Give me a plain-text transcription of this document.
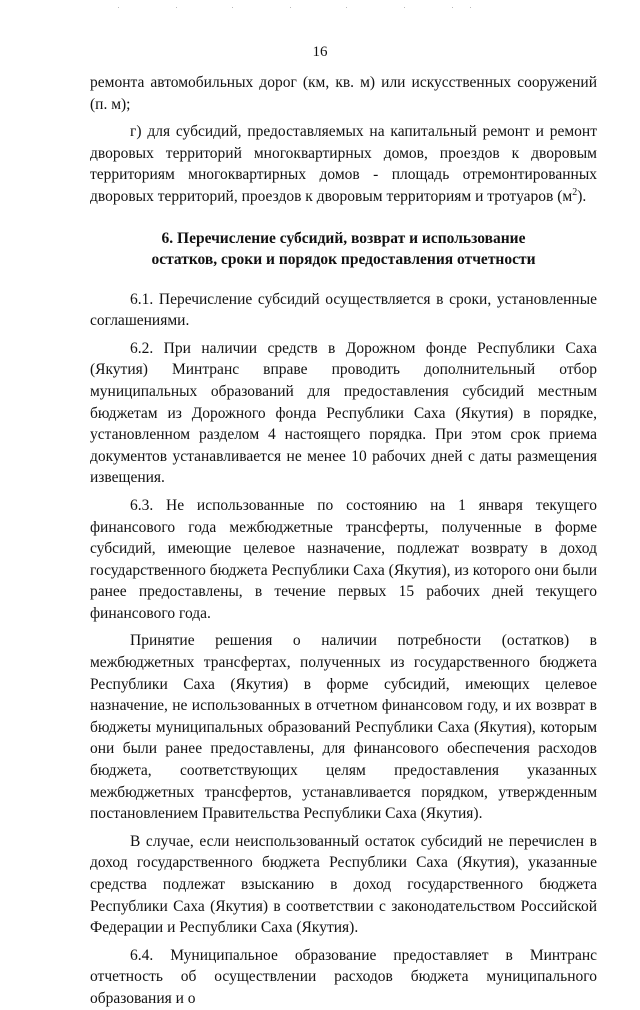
16

ремонта автомобильных дорог (км, кв. м) или искусственных сооружений (п. м);

г) для субсидий, предоставляемых на капитальный ремонт и ремонт дворовых территорий многоквартирных домов, проездов к дворовым территориям многоквартирных домов - площадь отремонтированных дворовых территорий, проездов к дворовым территориям и тротуаров $(м^2)$.

6. Перечисление субсидий, возврат и использование
остатков, сроки и порядок предоставления отчетности

6.1. Перечисление субсидий осуществляется в сроки, установленные соглашениями.

6.2. При наличии средств в Дорожном фонде Республики Саха (Якутия) Минтранс вправе проводить дополнительный отбор муниципальных образований для предоставления субсидий местным бюджетам из Дорожного фонда Республики Саха (Якутия) в порядке, установленном разделом 4 настоящего порядка. При этом срок приема документов устанавливается не менее 10 рабочих дней с даты размещения извещения.

6.3. Не использованные по состоянию на 1 января текущего финансового года межбюджетные трансферты, полученные в форме субсидий, имеющие целевое назначение, подлежат возврату в доход государственного бюджета Республики Саха (Якутия), из которого они были ранее предоставлены, в течение первых 15 рабочих дней текущего финансового года.

Принятие решения о наличии потребности (остатков) в межбюджетных трансфертах, полученных из государственного бюджета Республики Саха (Якутия) в форме субсидий, имеющих целевое назначение, не использованных в отчетном финансовом году, и их возврат в бюджеты муниципальных образований Республики Саха (Якутия), которым они были ранее предоставлены, для финансового обеспечения расходов бюджета, соответствующих целям предоставления указанных межбюджетных трансфертов, устанавливается порядком, утвержденным постановлением Правительства Республики Саха (Якутия).

В случае, если неиспользованный остаток субсидий не перечислен в доход государственного бюджета Республики Саха (Якутия), указанные средства подлежат взысканию в доход государственного бюджета Республики Саха (Якутия) в соответствии с законодательством Российской Федерации и Республики Саха (Якутия).

6.4. Муниципальное образование предоставляет в Минтранс отчетность об осуществлении расходов бюджета муниципального образования и о
